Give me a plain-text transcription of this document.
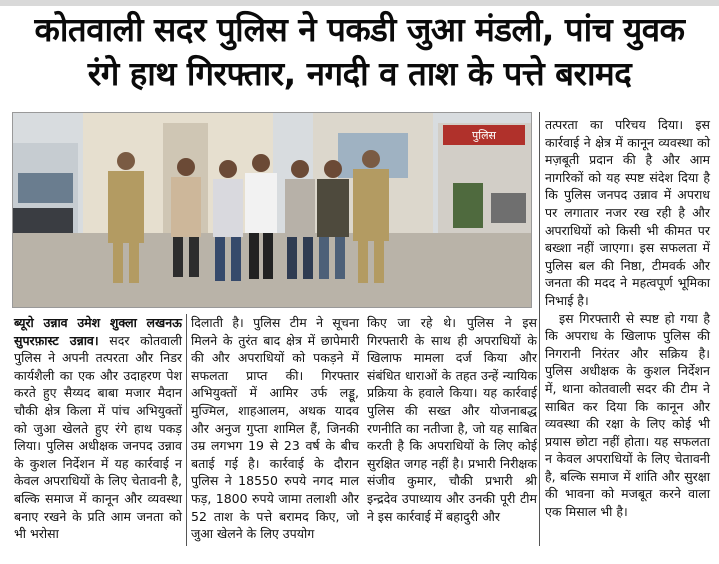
कोतवाली सदर पुलिस ने पकडी जुआ मंडली, पांच युवक
रंगे हाथ गिरफ्तार, नगदी व ताश के पत्ते बरामद
पुलिस

ब्यूरो उन्नाव उमेश शुक्ला लखनऊ सुपरफ़ास्ट उन्नाव। सदर कोतवाली पुलिस ने अपनी तत्परता और निडर कार्यशैली का एक और उदाहरण पेश करते हुए सैय्यद बाबा मजार मैदान चौकी क्षेत्र किला में पांच अभियुक्तों को जुआ खेलते हुए रंगे हाथ पकड़ लिया। पुलिस अधीक्षक जनपद उन्नाव के कुशल निर्देशन में यह कार्रवाई न केवल अपराधियों के लिए चेतावनी है, बल्कि समाज में कानून और व्यवस्था बनाए रखने के प्रति आम जनता को भी भरोसा

दिलाती है। पुलिस टीम ने सूचना मिलने के तुरंत बाद क्षेत्र में छापेमारी की और अपराधियों को पकड़ने में सफलता प्राप्त की। गिरफ्तार अभियुक्तों में आमिर उर्फ लड्डू, मुज्मिल, शाहआलम, अथक यादव और अनुज गुप्ता शामिल हैं, जिनकी उम्र लगभग 19 से 23 वर्ष के बीच बताई गई है। कार्रवाई के दौरान पुलिस ने 18550 रुपये नगद माल फड़, 1800 रुपये जामा तलाशी और 52 ताश के पत्ते बरामद किए, जो जुआ खेलने के लिए उपयोग

किए जा रहे थे। पुलिस ने इस गिरफ्तारी के साथ ही अपराधियों के खिलाफ मामला दर्ज किया और संबंधित धाराओं के तहत उन्हें न्यायिक प्रक्रिया के हवाले किया। यह कार्रवाई पुलिस की सख्त और योजनाबद्ध रणनीति का नतीजा है, जो यह साबित करती है कि अपराधियों के लिए कोई सुरक्षित जगह नहीं है। प्रभारी निरीक्षक संजीव कुमार, चौकी प्रभारी श्री इन्द्रदेव उपाध्याय और उनकी पूरी टीम ने इस कार्रवाई में बहादुरी और

तत्परता का परिचय दिया। इस कार्रवाई ने क्षेत्र में कानून व्यवस्था को मज़बूती प्रदान की है और आम नागरिकों को यह स्पष्ट संदेश दिया है कि पुलिस जनपद उन्नाव में अपराध पर लगातार नजर रख रही है और अपराधियों को किसी भी कीमत पर बख्शा नहीं जाएगा। इस सफलता में पुलिस बल की निष्ठा, टीमवर्क और जनता की मदद ने महत्वपूर्ण भूमिका निभाई है।

इस गिरफ्तारी से स्पष्ट हो गया है कि अपराध के खिलाफ पुलिस की निगरानी निरंतर और सक्रिय है। पुलिस अधीक्षक के कुशल निर्देशन में, थाना कोतवाली सदर की टीम ने साबित कर दिया कि कानून और व्यवस्था की रक्षा के लिए कोई भी प्रयास छोटा नहीं होता। यह सफलता न केवल अपराधियों के लिए चेतावनी है, बल्कि समाज में शांति और सुरक्षा की भावना को मजबूत करने वाला एक मिसाल भी है।
